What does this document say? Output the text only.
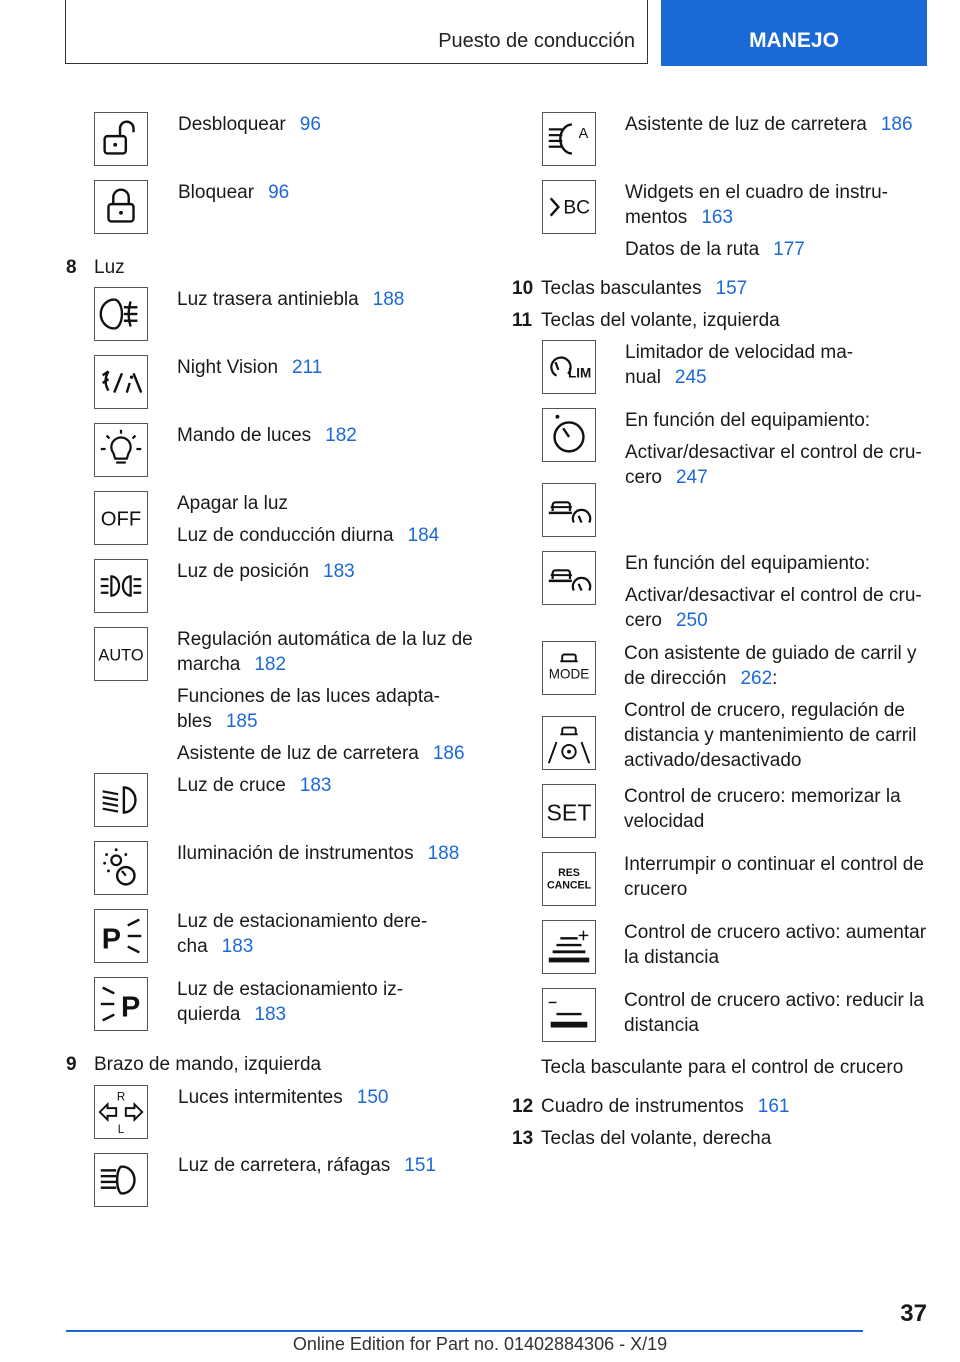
Puesto de conducción	MANEJO
Desbloquear 96
Bloquear 96
8 Luz
Luz trasera antiniebla 188
Night Vision 211
Mando de luces 182
OFF
Apagar la luz
Luz de conducción diurna 184
Luz de posición 183
AUTO
Regulación automática de la luz de
marcha 182
Funciones de las luces adapta-
bles 185
Asistente de luz de carretera 186
Luz de cruce 183
Iluminación de instrumentos 188
P
Luz de estacionamiento dere-
cha 183
P
Luz de estacionamiento iz-
quierda 183
9 Brazo de mando, izquierda
R
L
Luces intermitentes 150
Luz de carretera, ráfagas 151
A Asistente de luz de carretera 186
BC
Widgets en el cuadro de instru-
mentos 163
Datos de la ruta 177
10 Teclas basculantes 157
11 Teclas del volante, izquierda
LIM
Limitador de velocidad ma-
nual 245
En función del equipamiento:
Activar/desactivar el control de cru-
cero 247
En función del equipamiento:
Activar/desactivar el control de cru-
cero 250
MODE
Con asistente de guiado de carril y
de dirección 262:
Control de crucero, regulación de
distancia y mantenimiento de carril
activado/desactivado
SET
Control de crucero: memorizar la
velocidad
RES
CANCEL
Interrumpir o continuar el control de
crucero
Control de crucero activo: aumentar
la distancia
Control de crucero activo: reducir la
distancia
Tecla basculante para el control de crucero
12 Cuadro de instrumentos 161
13 Teclas del volante, derecha
37
Online Edition for Part no. 01402884306 - X/19
